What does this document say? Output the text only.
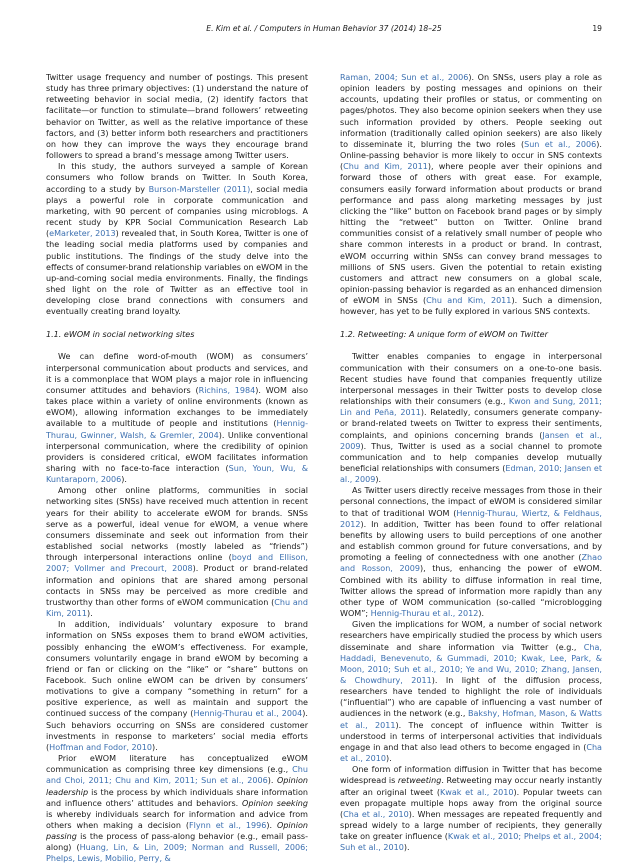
E. Kim et al. / Computers in Human Behavior 37 (2014) 18–25	19

Twitter usage frequency and number of postings. This present study has three primary objectives: (1) understand the nature of retweeting behavior in social media, (2) identify factors that facilitate—or function to stimulate—brand followers’ retweeting behavior on Twitter, as well as the relative importance of these factors, and (3) better inform both researchers and practitioners on how they can improve the ways they encourage brand followers to spread a brand’s message among Twitter users.

In this study, the authors surveyed a sample of Korean consumers who follow brands on Twitter. In South Korea, according to a study by Burson-Marsteller (2011), social media plays a powerful role in corporate communication and marketing, with 90 percent of companies using microblogs. A recent study by KPR Social Communication Research Lab (eMarketer, 2013) revealed that, in South Korea, Twitter is one of the leading social media platforms used by companies and public institutions. The findings of the study delve into the effects of consumer-brand relationship variables on eWOM in the up-and-coming social media environments. Finally, the findings shed light on the role of Twitter as an effective tool in developing close brand connections with consumers and eventually creating brand loyalty.

1.1. eWOM in social networking sites

We can define word-of-mouth (WOM) as consumers’ interpersonal communication about products and services, and it is a commonplace that WOM plays a major role in influencing consumer attitudes and behaviors (Richins, 1984). WOM also takes place within a variety of online environments (known as eWOM), allowing information exchanges to be immediately available to a multitude of people and institutions (Hennig-Thurau, Gwinner, Walsh, & Gremler, 2004). Unlike conventional interpersonal communication, where the credibility of opinion providers is considered critical, eWOM facilitates information sharing with no face-to-face interaction (Sun, Youn, Wu, & Kuntaraporn, 2006).

Among other online platforms, communities in social networking sites (SNSs) have received much attention in recent years for their ability to accelerate eWOM for brands. SNSs serve as a powerful, ideal venue for eWOM, a venue where consumers disseminate and seek out information from their established social networks (mostly labeled as “friends”) through interpersonal interactions online (boyd and Ellison, 2007; Vollmer and Precourt, 2008). Product or brand-related information and opinions that are shared among personal contacts in SNSs may be perceived as more credible and trustworthy than other forms of eWOM communication (Chu and Kim, 2011).

In addition, individuals’ voluntary exposure to brand information on SNSs exposes them to brand eWOM activities, possibly enhancing the eWOM’s effectiveness. For example, consumers voluntarily engage in brand eWOM by becoming a friend or fan or clicking on the “like” or “share” buttons on Facebook. Such online eWOM can be driven by consumers’ motivations to give a company “something in return” for a positive experience, as well as maintain and support the continued success of the company (Hennig-Thurau et al., 2004). Such behaviors occurring on SNSs are considered customer investments in response to marketers’ social media efforts (Hoffman and Fodor, 2010).

Prior eWOM literature has conceptualized eWOM communication as comprising three key dimensions (e.g., Chu and Choi, 2011; Chu and Kim, 2011; Sun et al., 2006). Opinion leadership is the process by which individuals share information and influence others’ attitudes and behaviors. Opinion seeking is whereby individuals search for information and advice from others when making a decision (Flynn et al., 1996). Opinion passing is the process of pass-along behavior (e.g., email pass-along) (Huang, Lin, & Lin, 2009; Norman and Russell, 2006; Phelps, Lewis, Mobilio, Perry, &

Raman, 2004; Sun et al., 2006). On SNSs, users play a role as opinion leaders by posting messages and opinions on their accounts, updating their profiles or status, or commenting on pages/photos. They also become opinion seekers when they use such information provided by others. People seeking out information (traditionally called opinion seekers) are also likely to disseminate it, blurring the two roles (Sun et al., 2006). Online-passing behavior is more likely to occur in SNS contexts (Chu and Kim, 2011), where people aver their opinions and forward those of others with great ease. For example, consumers easily forward information about products or brand performance and pass along marketing messages by just clicking the “like” button on Facebook brand pages or by simply hitting the “retweet” button on Twitter. Online brand communities consist of a relatively small number of people who share common interests in a product or brand. In contrast, eWOM occurring within SNSs can convey brand messages to millions of SNS users. Given the potential to retain existing customers and attract new consumers on a global scale, opinion-passing behavior is regarded as an enhanced dimension of eWOM in SNSs (Chu and Kim, 2011). Such a dimension, however, has yet to be fully explored in various SNS contexts.

1.2. Retweeting: A unique form of eWOM on Twitter

Twitter enables companies to engage in interpersonal communication with their consumers on a one-to-one basis. Recent studies have found that companies frequently utilize interpersonal messages in their Twitter posts to develop close relationships with their consumers (e.g., Kwon and Sung, 2011; Lin and Peña, 2011). Relatedly, consumers generate company- or brand-related tweets on Twitter to express their sentiments, complaints, and opinions concerning brands (Jansen et al., 2009). Thus, Twitter is used as a social channel to promote communication and to help companies develop mutually beneficial relationships with consumers (Edman, 2010; Jansen et al., 2009).

As Twitter users directly receive messages from those in their personal connections, the impact of eWOM is considered similar to that of traditional WOM (Hennig-Thurau, Wiertz, & Feldhaus, 2012). In addition, Twitter has been found to offer relational benefits by allowing users to build perceptions of one another and establish common ground for future conversations, and by promoting a feeling of connectedness with one another (Zhao and Rosson, 2009), thus, enhancing the power of eWOM. Combined with its ability to diffuse information in real time, Twitter allows the spread of information more rapidly than any other type of WOM communication (so-called “microblogging WOM”; Hennig-Thurau et al., 2012).

Given the implications for WOM, a number of social network researchers have empirically studied the process by which users disseminate and share information via Twitter (e.g., Cha, Haddadi, Benevenuto, & Gummadi, 2010; Kwak, Lee, Park, & Moon, 2010; Suh et al., 2010; Ye and Wu, 2010; Zhang, Jansen, & Chowdhury, 2011). In light of the diffusion process, researchers have tended to highlight the role of individuals (“influential”) who are capable of influencing a vast number of audiences in the network (e.g., Bakshy, Hofman, Mason, & Watts et al., 2011). The concept of influence within Twitter is understood in terms of interpersonal activities that individuals engage in and that also lead others to become engaged in (Cha et al., 2010).

One form of information diffusion in Twitter that has become widespread is retweeting. Retweeting may occur nearly instantly after an original tweet (Kwak et al., 2010). Popular tweets can even propagate multiple hops away from the original source (Cha et al., 2010). When messages are repeated frequently and spread widely to a large number of recipients, they generally take on greater influence (Kwak et al., 2010; Phelps et al., 2004; Suh et al., 2010).
